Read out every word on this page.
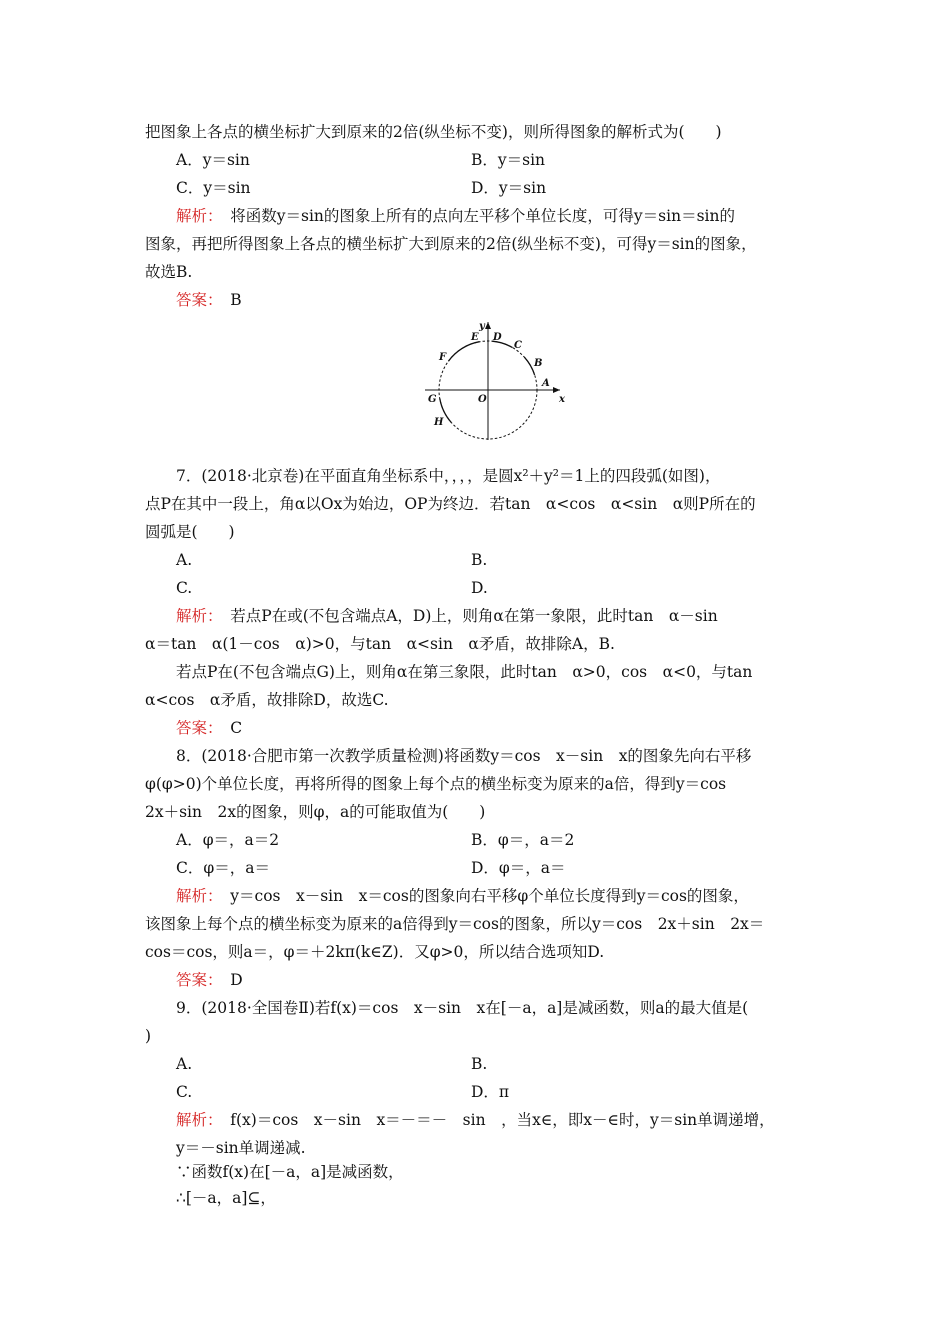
把图象上各点的横坐标扩大到原来的2倍(纵坐标不变)，则所得图象的解析式为(　　)
A．y＝sin	B．y＝sin
C．y＝sin	D．y＝sin
解析：　将函数y＝sin的图象上所有的点向左平移个单位长度，可得y＝sin＝sin的
图象，再把所得图象上各点的横坐标扩大到原来的2倍(纵坐标不变)，可得y＝sin的图象，
故选B.
答案：　B
x
y
O
A
B
C
D
E
F
G
H
7．(2018·北京卷)在平面直角坐标系中，，，，是圆x²＋y²＝1上的四段弧(如图)，
点P在其中一段上，角α以Ox为始边，OP为终边．若tan　α<cos　α<sin　α则P所在的
圆弧是(　　)
A.	B.
C.	D.
解析：　若点P在或(不包含端点A，D)上，则角α在第一象限，此时tan　α－sin
α＝tan　α(1－cos　α)>0，与tan　α<sin　α矛盾，故排除A，B.
若点P在(不包含端点G)上，则角α在第三象限，此时tan　α>0，cos　α<0，与tan
α<cos　α矛盾，故排除D，故选C.
答案：　C
8．(2018·合肥市第一次教学质量检测)将函数y＝cos　x－sin　x的图象先向右平移
φ(φ>0)个单位长度，再将所得的图象上每个点的横坐标变为原来的a倍，得到y＝cos
2x＋sin　2x的图象，则φ，a的可能取值为(　　)
A．φ＝，a＝2	B．φ＝，a＝2
C．φ＝，a＝	D．φ＝，a＝
解析：　y＝cos　x－sin　x＝cos的图象向右平移φ个单位长度得到y＝cos的图象，
该图象上每个点的横坐标变为原来的a倍得到y＝cos的图象，所以y＝cos　2x＋sin　2x＝
cos＝cos，则a＝，φ＝＋2kπ(k∈Z)．又φ>0，所以结合选项知D.
答案：　D
9．(2018·全国卷Ⅱ)若f(x)＝cos　x－sin　x在[－a，a]是减函数，则a的最大值是(
)
A.	B.
C.	D．π
解析：　f(x)＝cos　x－sin　x＝－＝－　sin　，当x∈，即x－∈时，y＝sin单调递增，
y＝－sin单调递减.
∵函数f(x)在[－a，a]是减函数，
∴[－a，a]⊆，
